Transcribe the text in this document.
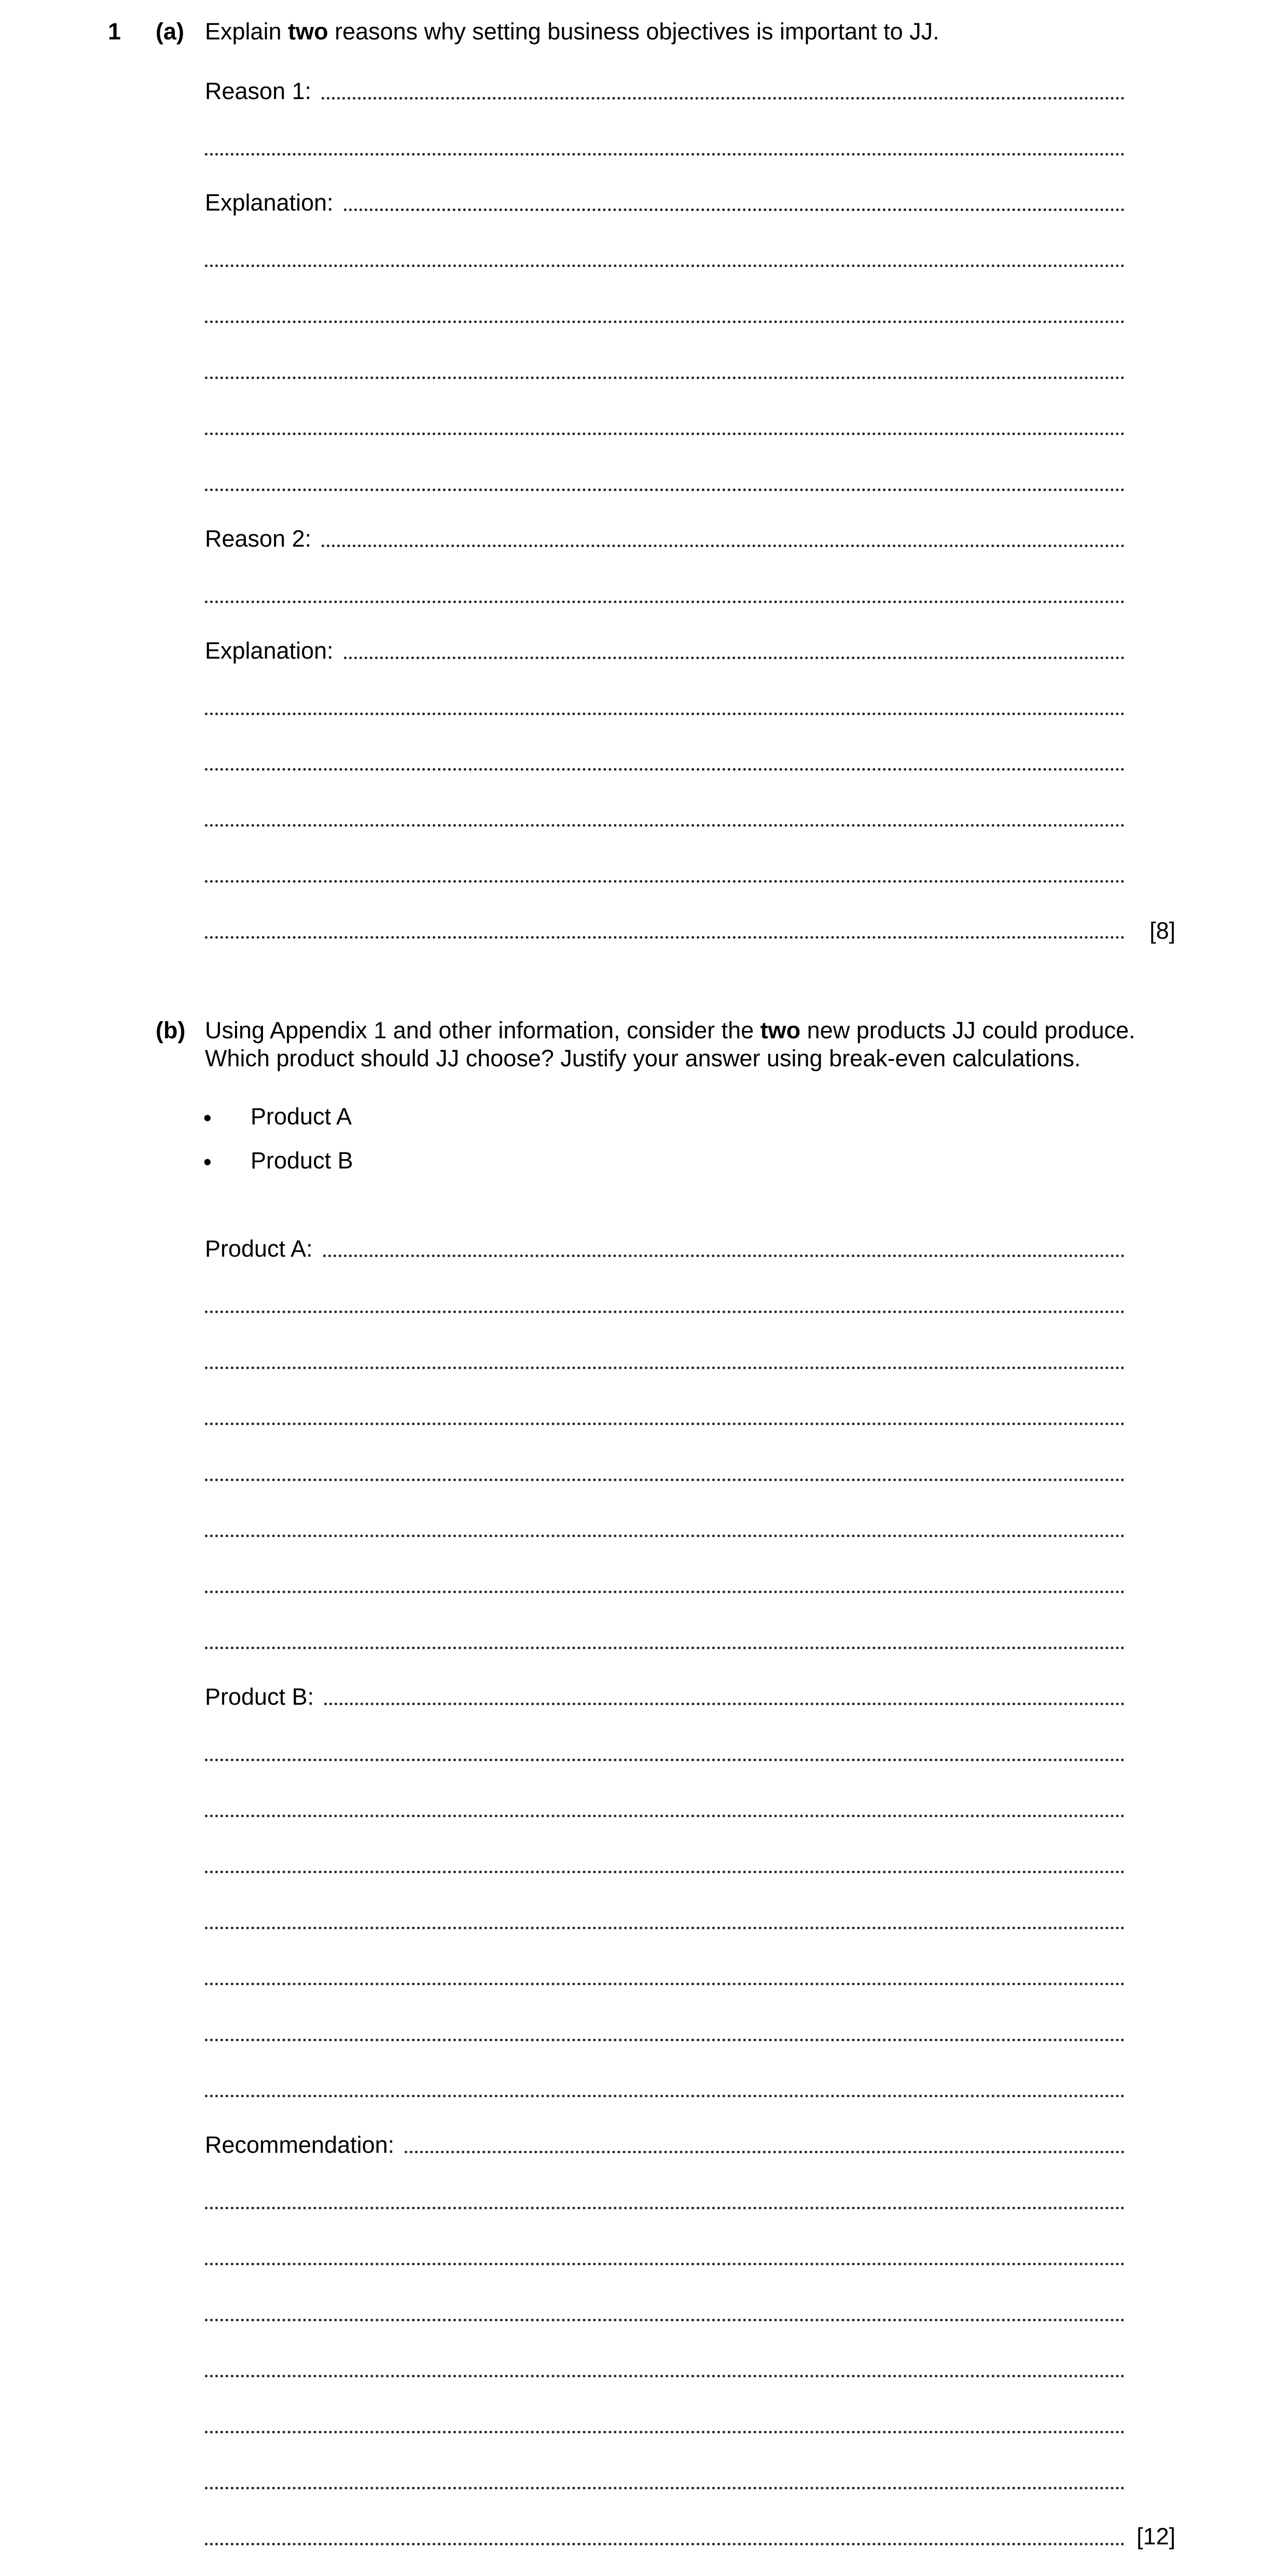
1 (a) Explain two reasons why setting business objectives is important to JJ.
Reason 1:
Explanation:
Reason 2:
Explanation:
[8]
(b) Using Appendix 1 and other information, consider the two new products JJ could produce.
Which product should JJ choose? Justify your answer using break-even calculations.
• Product A
• Product B
Product A:
Product B:
Recommendation:
[12]
